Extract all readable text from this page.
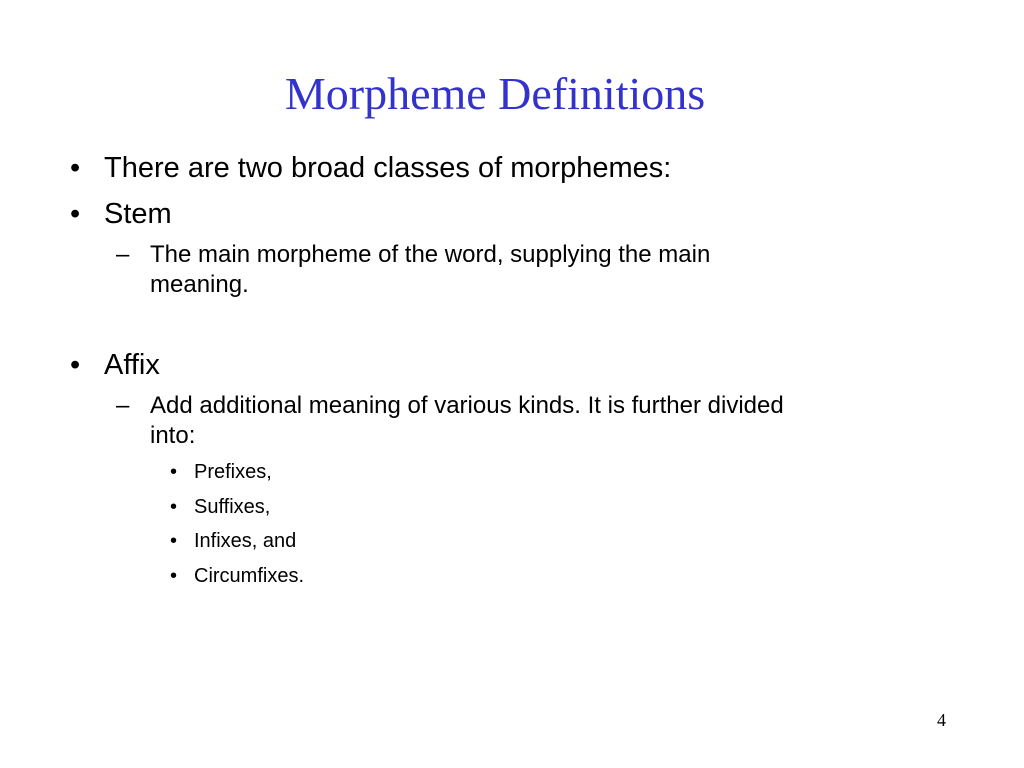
Morpheme Definitions
• There are two broad classes of morphemes:
• Stem
– The main morpheme of the word, supplying the main
meaning.
• Affix
– Add additional meaning of various kinds. It is further divided
into:
• Prefixes,
• Suffixes,
• Infixes, and
• Circumfixes.
4
